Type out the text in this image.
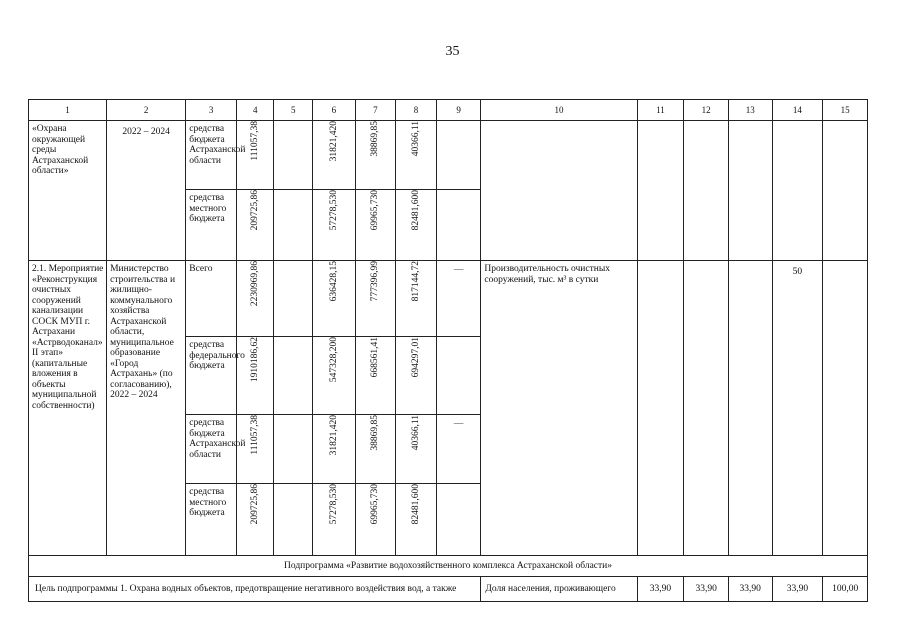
35
1	2	3	4	5	6	7	8	9	10	11	12	13	14	15
«Охрана окружающей среды Астраханской области»	2022 – 2024	средства бюджета Астраханской области	111057,38		31821,420	38869,85	40366,11							

		средства местного бюджета	209725,86		57278,530	69965,730	82481,600							

2.1. Мероприятие «Реконструкция очистных сооружений канализации СОСК МУП г. Астрахани «Астрводоканал» II этап» (капитальные вложения в объекты муниципальной собственности)	Министерство строительства и жилищно-коммунального хозяйства Астраханской области, муниципальное образование «Город Астрахань» (по согласованию), 2022 – 2024	Всего	2230969,86		636428,15	777396,99	817144,72	—	Производительность очистных сооружений, тыс. м³ в сутки				50	
		средства федерального бюджета	1910186,62		547328,200	668561,41	694297,01							

		средства бюджета Астраханской области	111057,38		31821,420	38869,85	40366,11	—						
		средства местного бюджета	209725,86		57278,530	69965,730	82481,600							

Подпрограмма «Развитие водохозяйственного комплекса Астраханской области»														
Цель подпрограммы 1. Охрана водных объектов, предотвращение негативного воздействия вод, а также									Доля населения, проживающего	33,90	33,90	33,90	33,90	100,00
